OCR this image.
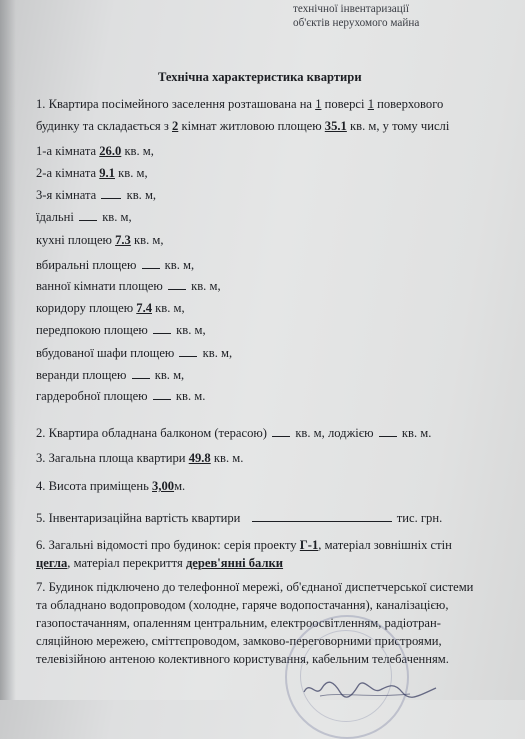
технічної інвентаризації
об'єктів нерухомого майна
Технічна характеристика квартири
1. Квартира посімейного заселення розташована на 1 поверсі 1 поверхового
будинку та складається з 2 кімнат житловою площею 35.1 кв. м, у тому числі
1-а кімната 26.0 кв. м,
2-а кімната 9.1 кв. м,
3-я кімната кв. м,
їдальні кв. м,
кухні площею 7.3 кв. м,
вбиральні площею кв. м,
ванної кімнати площею кв. м,
коридору площею 7.4 кв. м,
передпокою площею кв. м,
вбудованої шафи площею кв. м,
веранди площею кв. м,
гардеробної площею кв. м.
2. Квартира обладнана балконом (терасою) кв. м, лоджією кв. м.
3. Загальна площа квартири 49.8 кв. м.
4. Висота приміщень 3,00м.
5. Інвентаризаційна вартість квартири	тис. грн.
6. Загальні відомості про будинок: серія проекту Г-1, матеріал зовнішніх стін
цегла, матеріал перекриття дерев'янні балки
7. Будинок підключено до телефонної мережі, об'єднаної диспетчерської системи
та обладнано водопроводом (холодне, гаряче водопостачання), каналізацією,
газопостачанням, опаленням центральним, електроосвітленням, радіотран-
сляційною мережею, сміттєпроводом, замково-переговорними пристроями,
телевізійною антеною колективного користування, кабельним телебаченням.
